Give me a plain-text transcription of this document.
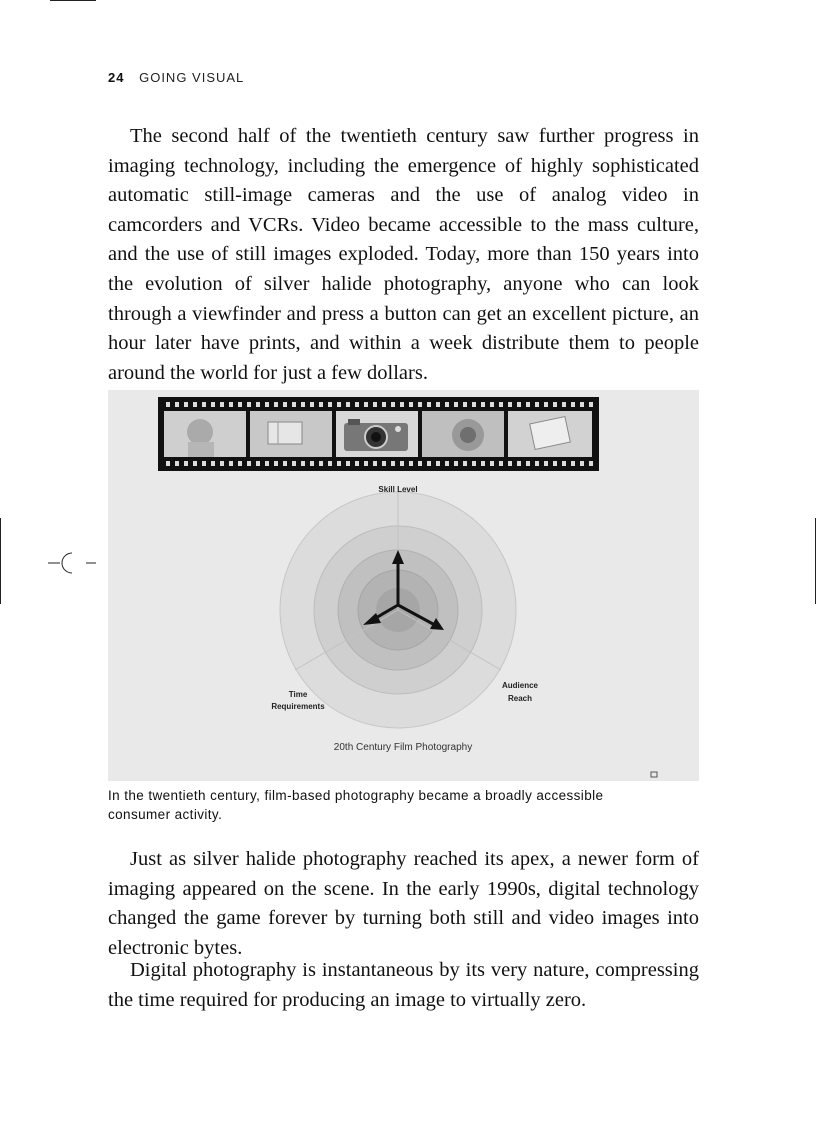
24 GOING VISUAL

The second half of the twentieth century saw further progress in imaging technology, including the emergence of highly sophisticated automatic still-image cameras and the use of analog video in camcorders and VCRs. Video became accessible to the mass culture, and the use of still images exploded. Today, more than 150 years into the evolution of silver halide photography, anyone who can look through a viewfinder and press a button can get an excellent picture, an hour later have prints, and within a week distribute them to people around the world for just a few dollars.

Skill Level
Time
Requirements
Audience
Reach
20th Century Film Photography

In the twentieth century, film-based photography became a broadly accessible consumer activity.

Just as silver halide photography reached its apex, a newer form of imaging appeared on the scene. In the early 1990s, digital technology changed the game forever by turning both still and video images into electronic bytes.

Digital photography is instantaneous by its very nature, compressing the time required for producing an image to virtually zero.
